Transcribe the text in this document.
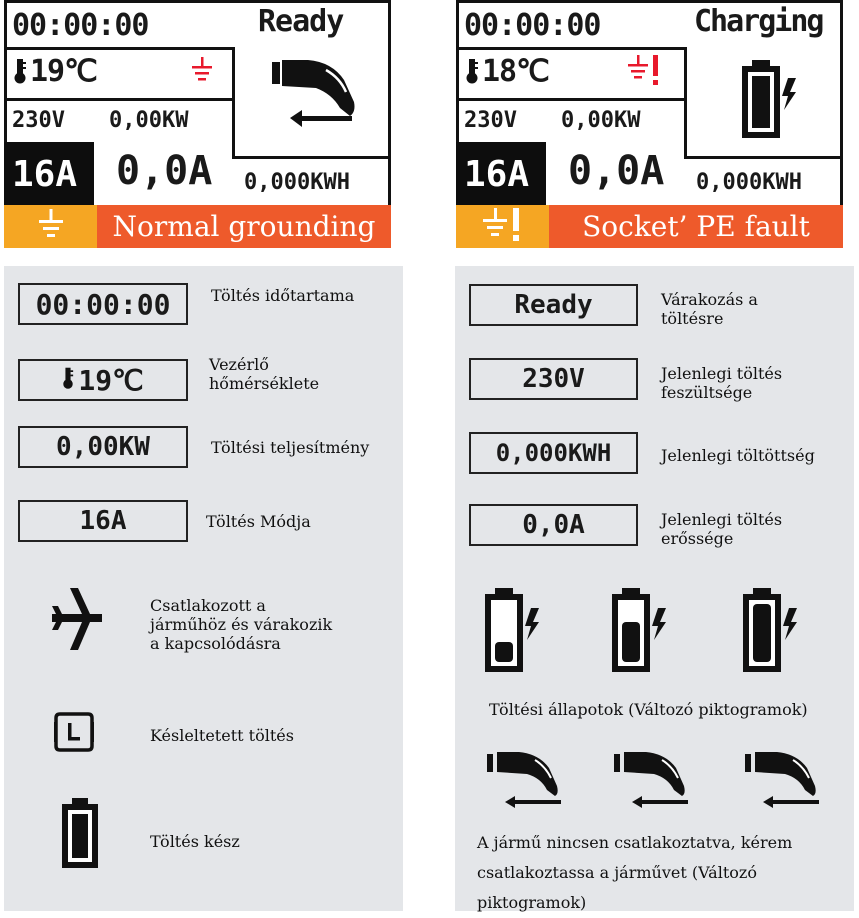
00:00:00	Ready
19℃
230V 0,00KW
16A 0,0A 0,000KWH
Normal grounding
00:00:00	Charging
18℃
230V 0,00KW
16A 0,0A 0,000KWH
Socket’ PE fault
00:00:00	Töltés időtartama
19℃	Vezérlő hőmérséklete
0,00KW	Töltési teljesítmény
16A	Töltés Módja
Csatlakozott a
járműhöz és várakozik
a kapcsolódásra
Késleltetett töltés
Töltés kész
Ready	Várakozás a
töltésre
230V	Jelenlegi töltés
feszültsége
0,000KWH	Jelenlegi töltöttség
0,0A	Jelenlegi töltés
erőssége
Töltési állapotok (Változó piktogramok)
A jármű nincsen csatlakoztatva, kérem
csatlakoztassa a járművet (Változó piktogramok)
